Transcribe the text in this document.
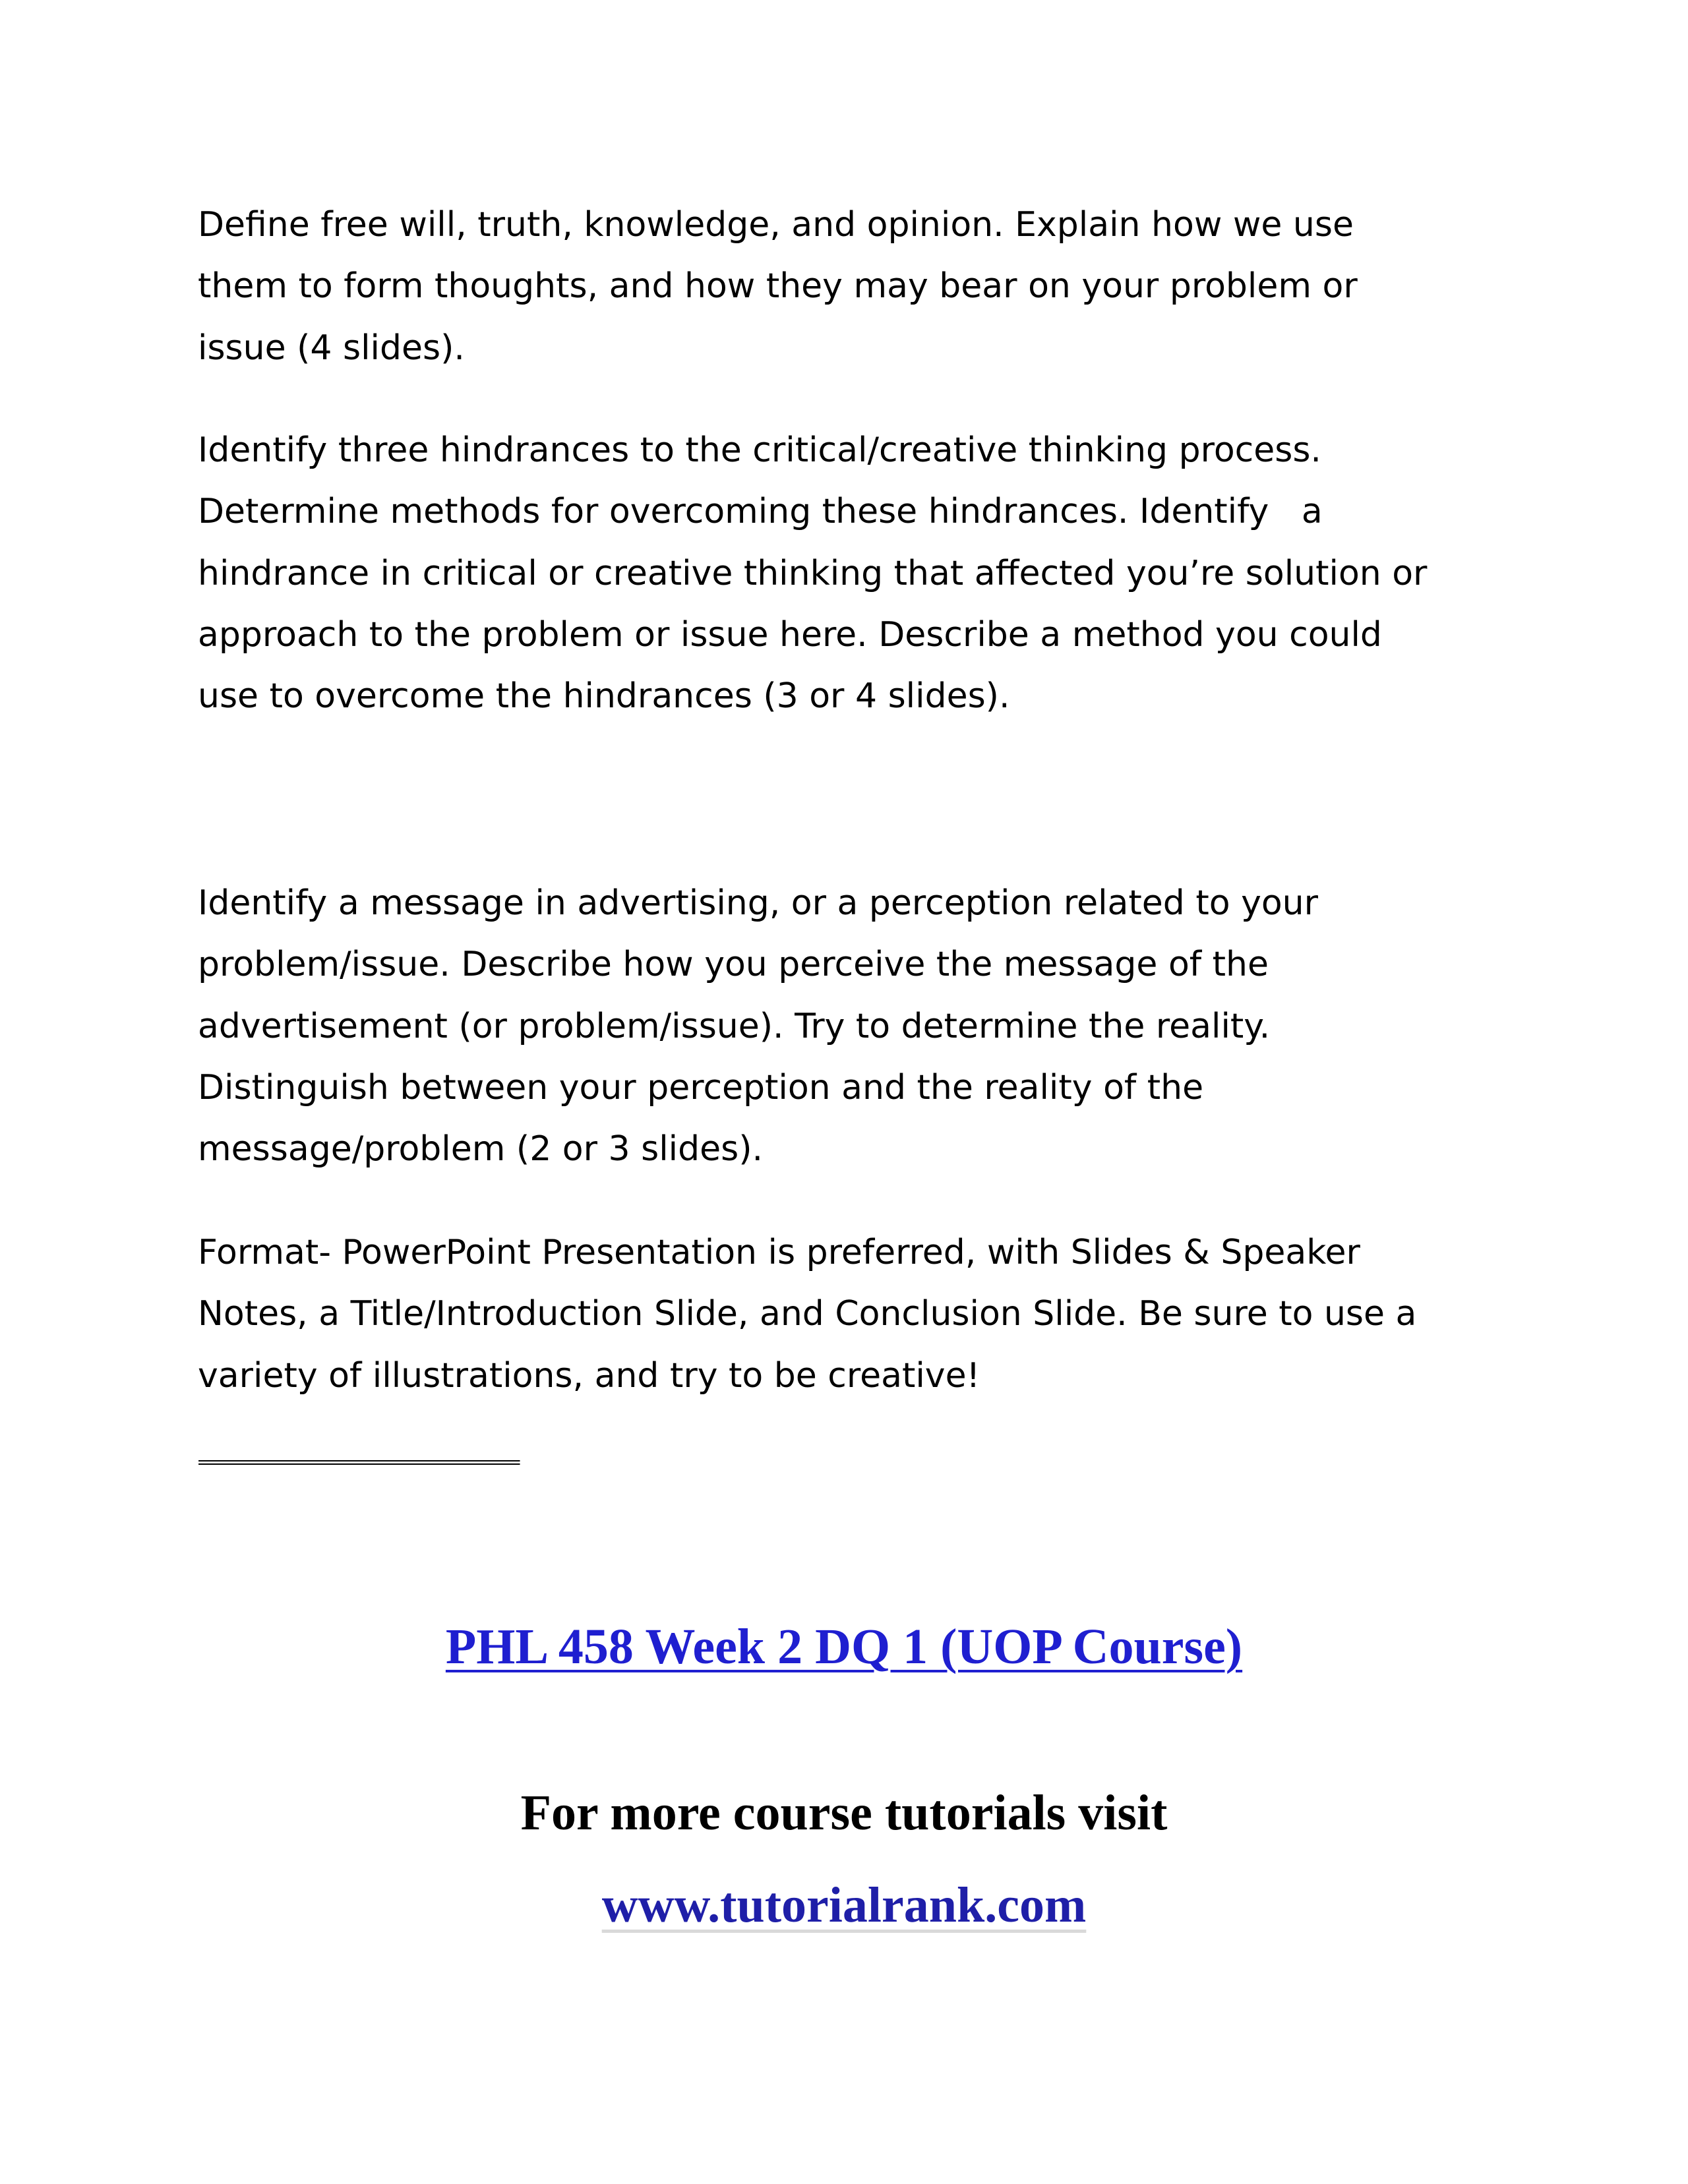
Define free will, truth, knowledge, and opinion. Explain how we use
them to form thoughts, and how they may bear on your problem or
issue (4 slides).
Identify three hindrances to the critical/creative thinking process.
Determine methods for overcoming these hindrances. Identify   a
hindrance in critical or creative thinking that affected you’re solution or
approach to the problem or issue here. Describe a method you could
use to overcome the hindrances (3 or 4 slides).
Identify a message in advertising, or a perception related to your
problem/issue. Describe how you perceive the message of the
advertisement (or problem/issue). Try to determine the reality.
Distinguish between your perception and the reality of the
message/problem (2 or 3 slides).
Format- PowerPoint Presentation is preferred, with Slides & Speaker
Notes, a Title/Introduction Slide, and Conclusion Slide. Be sure to use a
variety of illustrations, and try to be creative!
============================================

PHL 458 Week 2 DQ 1 (UOP Course)

For more course tutorials visit

www.tutorialrank.com
